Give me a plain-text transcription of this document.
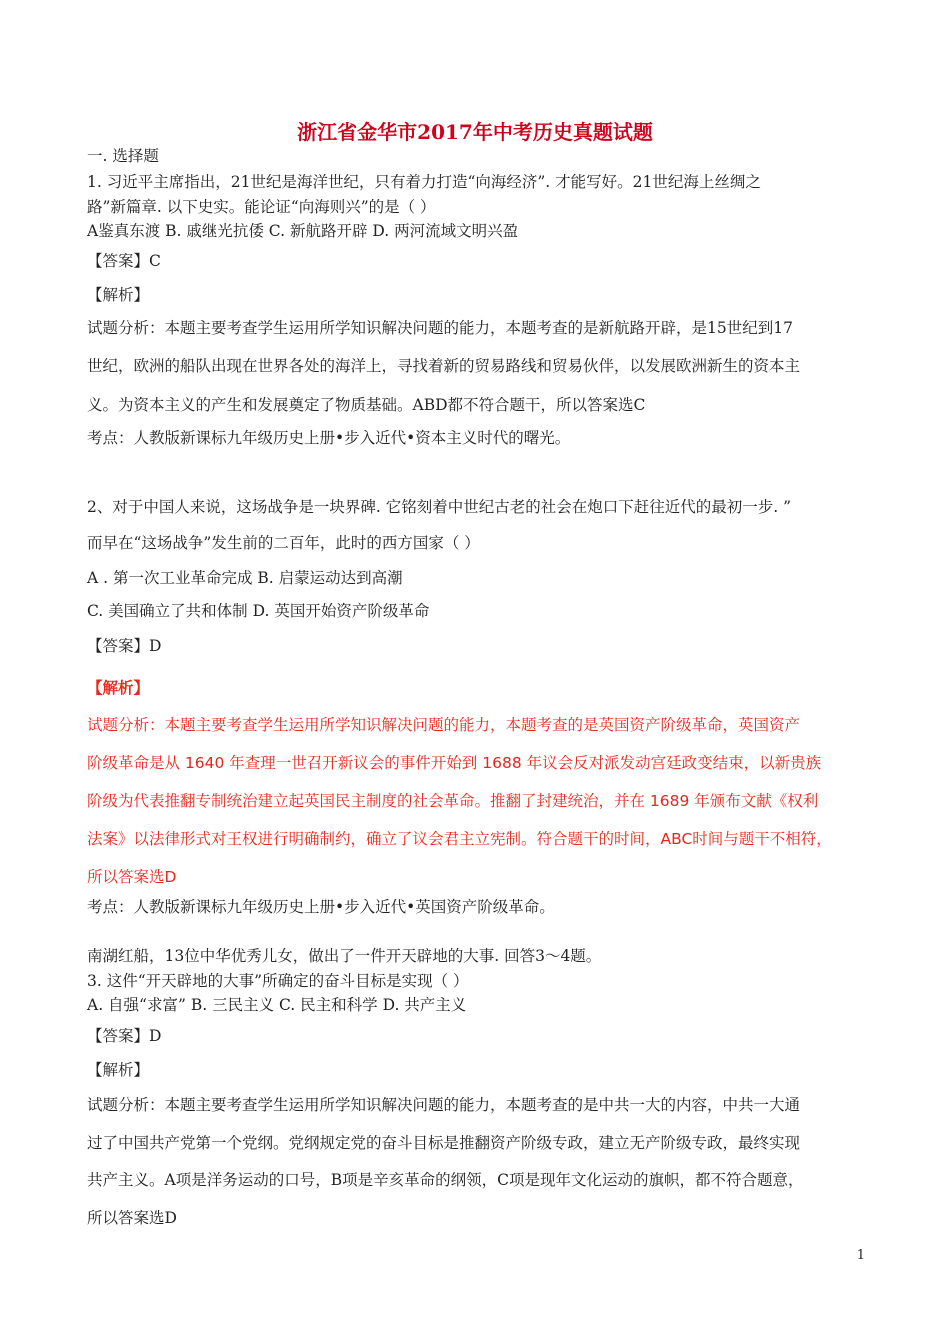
浙江省金华市2017年中考历史真题试题
一. 选择题
1. 习近平主席指出，21世纪是海洋世纪，只有着力打造“向海经济”. 才能写好。21世纪海上丝绸之
路”新篇章. 以下史实。能论证“向海则兴”的是（ ）
A鉴真东渡 B. 戚继光抗倭 C. 新航路开辟 D. 两河流域文明兴盈
【答案】C
【解析】
试题分析：本题主要考查学生运用所学知识解决问题的能力，本题考查的是新航路开辟，是15世纪到17
世纪，欧洲的船队出现在世界各处的海洋上，寻找着新的贸易路线和贸易伙伴，以发展欧洲新生的资本主
义。为资本主义的产生和发展奠定了物质基础。ABD都不符合题干，所以答案选C
考点：人教版新课标九年级历史上册•步入近代•资本主义时代的曙光。
2、对于中国人来说，这场战争是一块界碑. 它铭刻着中世纪古老的社会在炮口下赶往近代的最初一步. ”
而早在“这场战争”发生前的二百年，此时的西方国家（ ）
A . 第一次工业革命完成 B. 启蒙运动达到高潮
C. 美国确立了共和体制 D. 英国开始资产阶级革命
【答案】D
【解析】
试题分析：本题主要考查学生运用所学知识解决问题的能力，本题考查的是英国资产阶级革命，英国资产
阶级革命是从 1640 年查理一世召开新议会的事件开始到 1688 年议会反对派发动宫廷政变结束，以新贵族
阶级为代表推翻专制统治建立起英国民主制度的社会革命。推翻了封建统治，并在 1689 年颁布文献《权利
法案》以法律形式对王权进行明确制约，确立了议会君主立宪制。符合题干的时间，ABC时间与题干不相符，
所以答案选D
考点：人教版新课标九年级历史上册•步入近代•英国资产阶级革命。
南湖红船，13位中华优秀儿女，做出了一件开天辟地的大事. 回答3～4题。
3. 这件“开天辟地的大事”所确定的奋斗目标是实现（ ）
A. 自强“求富” B. 三民主义 C. 民主和科学 D. 共产主义
【答案】D
【解析】
试题分析：本题主要考查学生运用所学知识解决问题的能力，本题考查的是中共一大的内容，中共一大通
过了中国共产党第一个党纲。党纲规定党的奋斗目标是推翻资产阶级专政，建立无产阶级专政，最终实现
共产主义。A项是洋务运动的口号，B项是辛亥革命的纲领，C项是现年文化运动的旗帜，都不符合题意，
所以答案选D
1
